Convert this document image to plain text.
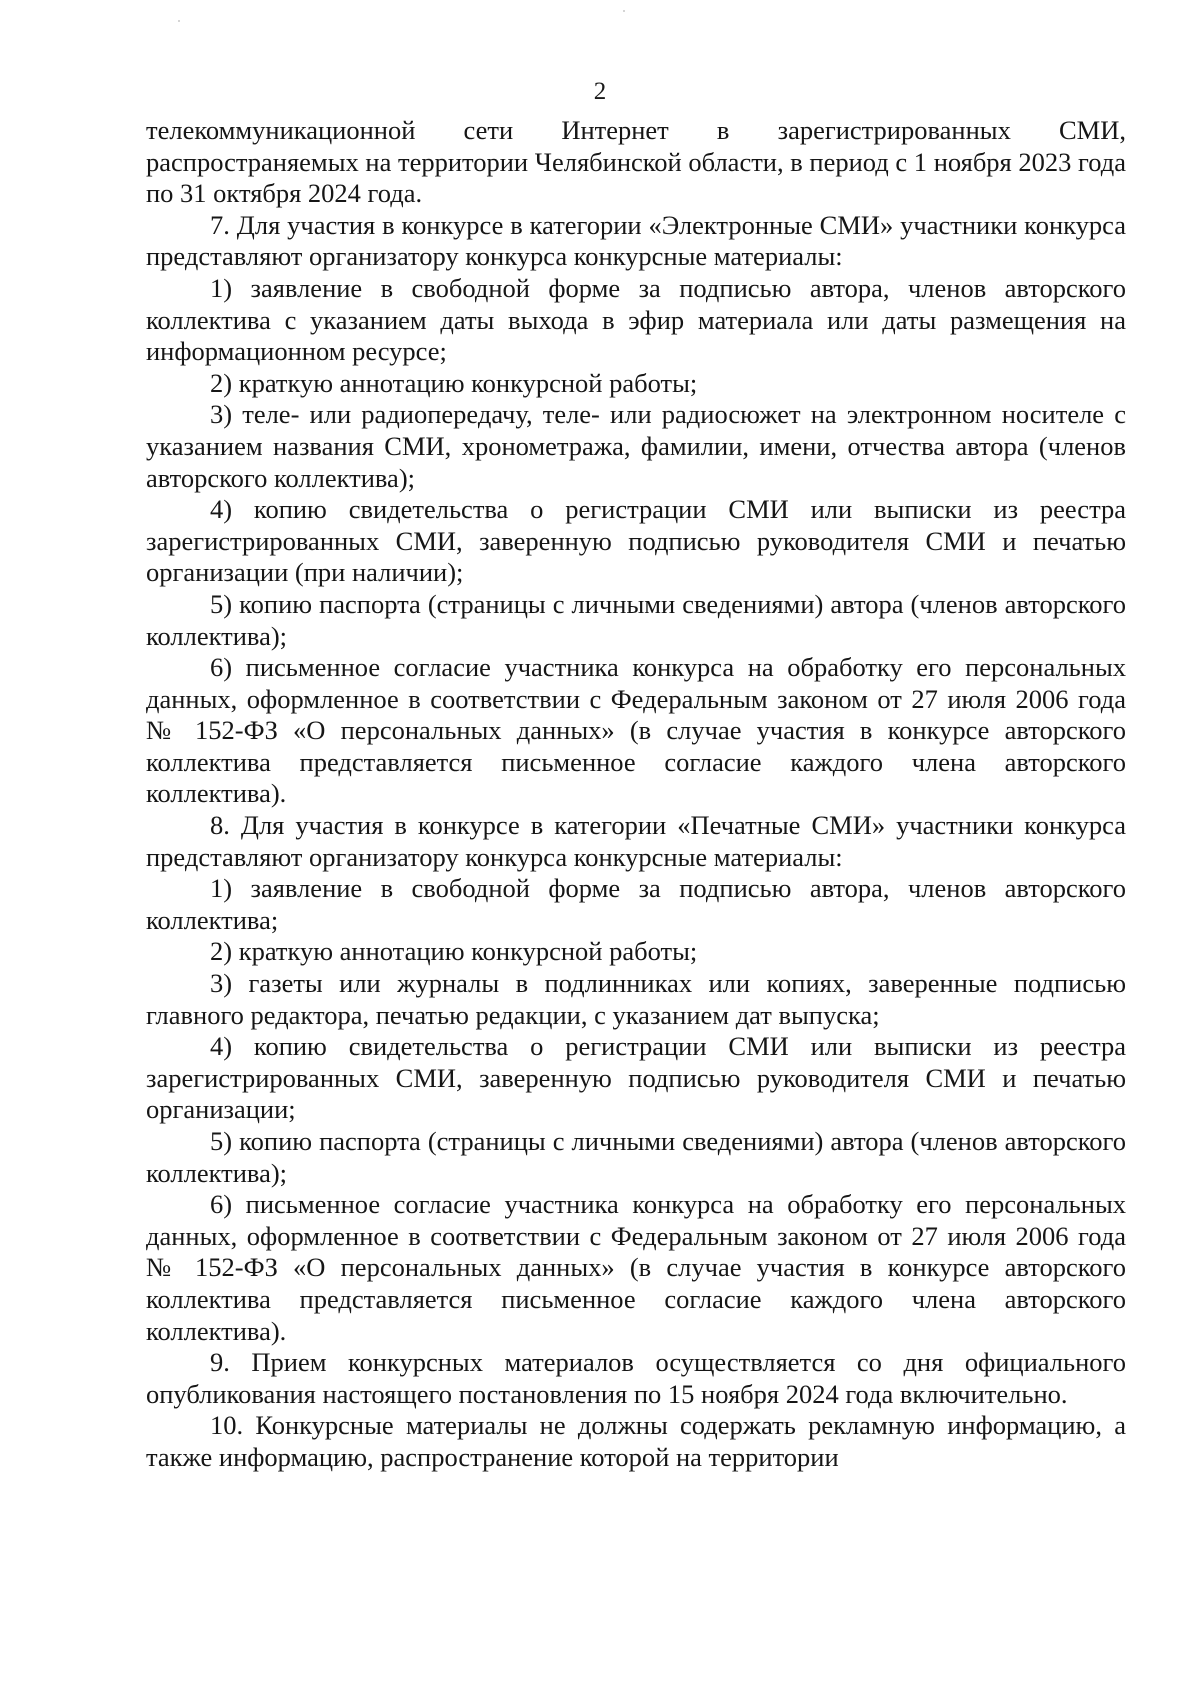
2

телекоммуникационной сети Интернет в зарегистрированных СМИ, распространяемых на территории Челябинской области, в период с 1 ноября 2023 года по 31 октября 2024 года.

7. Для участия в конкурсе в категории «Электронные СМИ» участники конкурса представляют организатору конкурса конкурсные материалы:

1) заявление в свободной форме за подписью автора, членов авторского коллектива с указанием даты выхода в эфир материала или даты размещения на информационном ресурсе;

2) краткую аннотацию конкурсной работы;

3) теле- или радиопередачу, теле- или радиосюжет на электронном носителе с указанием названия СМИ, хронометража, фамилии, имени, отчества автора (членов авторского коллектива);

4) копию свидетельства о регистрации СМИ или выписки из реестра зарегистрированных СМИ, заверенную подписью руководителя СМИ и печатью организации (при наличии);

5) копию паспорта (страницы с личными сведениями) автора (членов авторского коллектива);

6) письменное согласие участника конкурса на обработку его персональных данных, оформленное в соответствии с Федеральным законом от 27 июля 2006 года № 152-ФЗ «О персональных данных» (в случае участия в конкурсе авторского коллектива представляется письменное согласие каждого члена авторского коллектива).

8. Для участия в конкурсе в категории «Печатные СМИ» участники конкурса представляют организатору конкурса конкурсные материалы:

1) заявление в свободной форме за подписью автора, членов авторского коллектива;

2) краткую аннотацию конкурсной работы;

3) газеты или журналы в подлинниках или копиях, заверенные подписью главного редактора, печатью редакции, с указанием дат выпуска;

4) копию свидетельства о регистрации СМИ или выписки из реестра зарегистрированных СМИ, заверенную подписью руководителя СМИ и печатью организации;

5) копию паспорта (страницы с личными сведениями) автора (членов авторского коллектива);

6) письменное согласие участника конкурса на обработку его персональных данных, оформленное в соответствии с Федеральным законом от 27 июля 2006 года № 152-ФЗ «О персональных данных» (в случае участия в конкурсе авторского коллектива представляется письменное согласие каждого члена авторского коллектива).

9. Прием конкурсных материалов осуществляется со дня официального опубликования настоящего постановления по 15 ноября 2024 года включительно.

10. Конкурсные материалы не должны содержать рекламную информацию, а также информацию, распространение которой на территории
